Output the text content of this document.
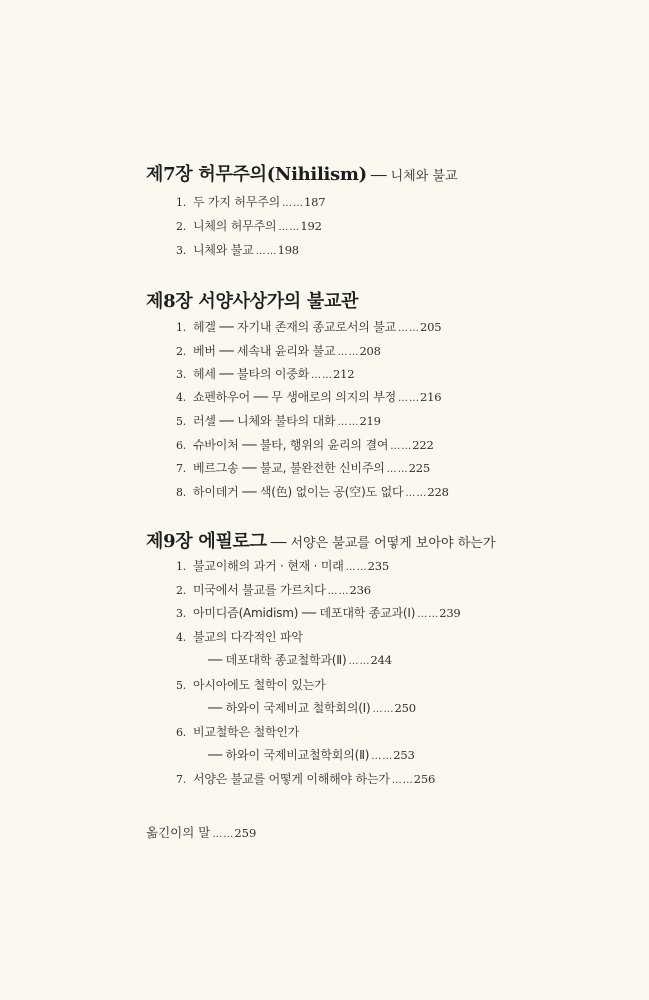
제7장 허무주의(Nihilism) ── 니체와 불교
1. 두 가지 허무주의 ……187
2. 니체의 허무주의 ……192
3. 니체와 불교 ……198
제8장 서양사상가의 불교관
1. 헤겔 ── 자기내 존재의 종교로서의 불교 ……205
2. 베버 ── 세속내 윤리와 불교 ……208
3. 헤세 ── 불타의 이중화 ……212
4. 쇼펜하우어 ── 무 생애로의 의지의 부정 ……216
5. 러셀 ── 니체와 불타의 대화 ……219
6. 슈바이처 ── 불타, 행위의 윤리의 결여 ……222
7. 베르그송 ── 불교, 불완전한 신비주의 ……225
8. 하이데거 ── 색(色) 없이는 공(空)도 없다 ……228
제9장 에필로그 ── 서양은 불교를 어떻게 보아야 하는가
1. 불교이해의 과거 · 현재 · 미래 ……235
2. 미국에서 불교를 가르치다 ……236
3. 아미디즘(Amidism) ── 데포대학 종교과(Ⅰ) ……239
4. 불교의 다각적인 파악
── 데포대학 종교철학과(Ⅱ) ……244
5. 아시아에도 철학이 있는가
── 하와이 국제비교 철학회의(Ⅰ) ……250
6. 비교철학은 철학인가
── 하와이 국제비교철학회의(Ⅱ) ……253
7. 서양은 불교를 어떻게 이해해야 하는가 ……256
옮긴이의 말 ……259
